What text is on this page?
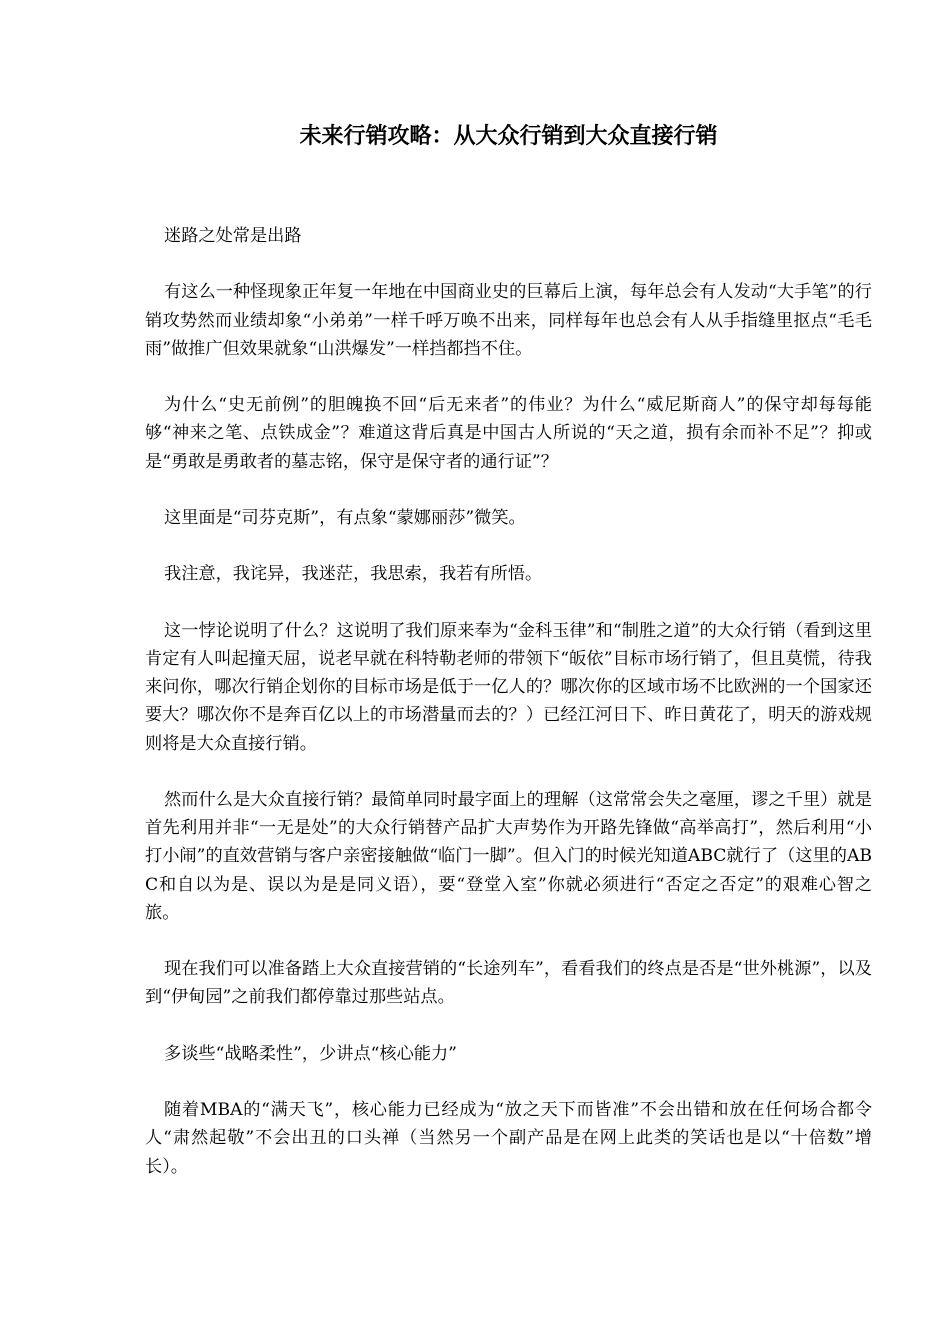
未来行销攻略：从大众行销到大众直接行销

迷路之处常是出路

有这么一种怪现象正年复一年地在中国商业史的巨幕后上演，每年总会有人发动“大手笔”的行销攻势然而业绩却象“小弟弟”一样千呼万唤不出来，同样每年也总会有人从手指缝里抠点“毛毛雨”做推广但效果就象“山洪爆发”一样挡都挡不住。

为什么“史无前例”的胆魄换不回“后无来者”的伟业？为什么“威尼斯商人”的保守却每每能够“神来之笔、点铁成金”？难道这背后真是中国古人所说的“天之道，损有余而补不足”？抑或是“勇敢是勇敢者的墓志铭，保守是保守者的通行证”？

这里面是“司芬克斯”，有点象“蒙娜丽莎”微笑。

我注意，我诧异，我迷茫，我思索，我若有所悟。

这一悖论说明了什么？这说明了我们原来奉为“金科玉律”和“制胜之道”的大众行销（看到这里肯定有人叫起撞天屈，说老早就在科特勒老师的带领下“皈依”目标市场行销了，但且莫慌，待我来问你，哪次行销企划你的目标市场是低于一亿人的？哪次你的区域市场不比欧洲的一个国家还要大？哪次你不是奔百亿以上的市场潜量而去的？）已经江河日下、昨日黄花了，明天的游戏规则将是大众直接行销。

然而什么是大众直接行销？最简单同时最字面上的理解（这常常会失之毫厘，谬之千里）就是首先利用并非“一无是处”的大众行销替产品扩大声势作为开路先锋做“高举高打”，然后利用“小打小闹”的直效营销与客户亲密接触做“临门一脚”。但入门的时候光知道ABC就行了（这里的ABC和自以为是、误以为是是同义语），要“登堂入室”你就必须进行“否定之否定”的艰难心智之旅。

现在我们可以准备踏上大众直接营销的“长途列车”，看看我们的终点是否是“世外桃源”，以及到“伊甸园”之前我们都停靠过那些站点。

多谈些“战略柔性”，少讲点“核心能力”

随着MBA的“满天飞”，核心能力已经成为“放之天下而皆准”不会出错和放在任何场合都令人“肃然起敬”不会出丑的口头禅（当然另一个副产品是在网上此类的笑话也是以“十倍数”增长）。
